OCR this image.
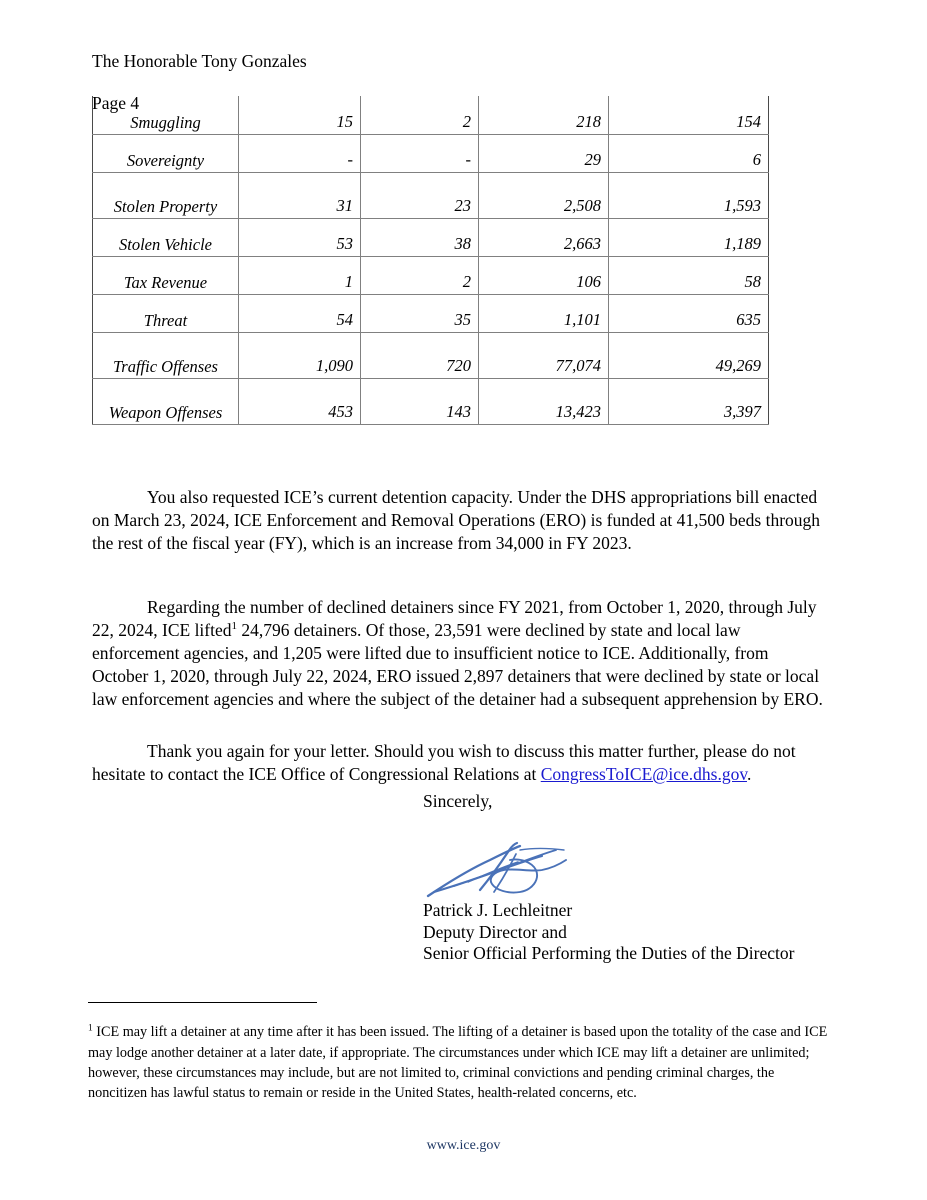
The Honorable Tony Gonzales

Page 4

Smuggling	15	2	218	154
Sovereignty	-	-	29	6
Stolen Property	31	23	2,508	1,593
Stolen Vehicle	53	38	2,663	1,189
Tax Revenue	1	2	106	58
Threat	54	35	1,101	635
Traffic Offenses	1,090	720	77,074	49,269
Weapon Offenses	453	143	13,423	3,397

You also requested ICE’s current detention capacity. Under the DHS appropriations bill enacted on March 23, 2024, ICE Enforcement and Removal Operations (ERO) is funded at 41,500 beds through the rest of the fiscal year (FY), which is an increase from 34,000 in FY 2023.

Regarding the number of declined detainers since FY 2021, from October 1, 2020, through July 22, 2024, ICE lifted$^1$ 24,796 detainers. Of those, 23,591 were declined by state and local law enforcement agencies, and 1,205 were lifted due to insufficient notice to ICE. Additionally, from October 1, 2020, through July 22, 2024, ERO issued 2,897 detainers that were declined by state or local law enforcement agencies and where the subject of the detainer had a subsequent apprehension by ERO.

Thank you again for your letter. Should you wish to discuss this matter further, please do not hesitate to contact the ICE Office of Congressional Relations at CongressToICE@ice.dhs.gov.

Sincerely,
Patrick J. Lechleitner
Deputy Director and
Senior Official Performing the Duties of the Director

$^1$ ICE may lift a detainer at any time after it has been issued. The lifting of a detainer is based upon the totality of the case and ICE may lodge another detainer at a later date, if appropriate. The circumstances under which ICE may lift a detainer are unlimited; however, these circumstances may include, but are not limited to, criminal convictions and pending criminal charges, the noncitizen has lawful status to remain or reside in the United States, health-related concerns, etc.

www.ice.gov
